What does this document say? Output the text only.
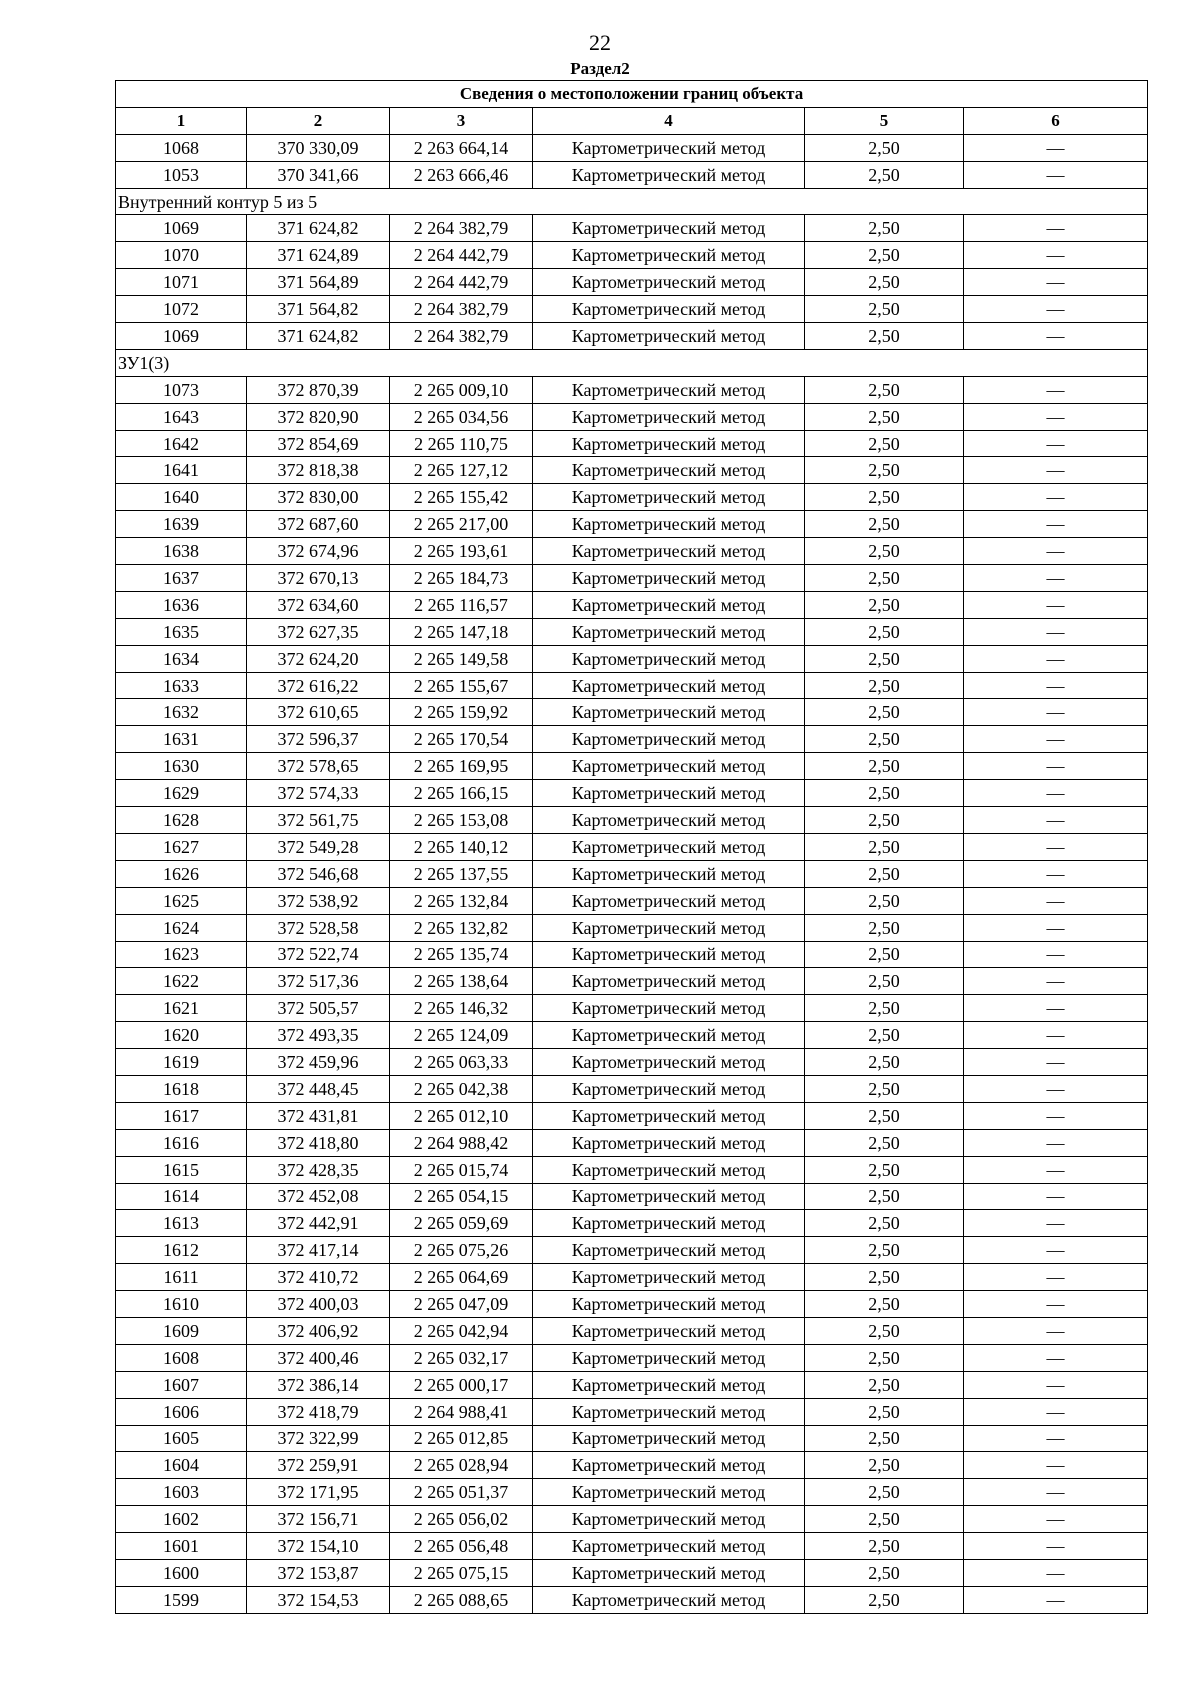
22
Раздел2
Сведения о местоположении границ объекта					
1	2	3	4	5	6
1068	370 330,09	2 263 664,14	Картометрический метод	2,50	—
1053	370 341,66	2 263 666,46	Картометрический метод	2,50	—
Внутренний контур 5 из 5					
1069	371 624,82	2 264 382,79	Картометрический метод	2,50	—
1070	371 624,89	2 264 442,79	Картометрический метод	2,50	—
1071	371 564,89	2 264 442,79	Картометрический метод	2,50	—
1072	371 564,82	2 264 382,79	Картометрический метод	2,50	—
1069	371 624,82	2 264 382,79	Картометрический метод	2,50	—
ЗУ1(3)					
1073	372 870,39	2 265 009,10	Картометрический метод	2,50	—
1643	372 820,90	2 265 034,56	Картометрический метод	2,50	—
1642	372 854,69	2 265 110,75	Картометрический метод	2,50	—
1641	372 818,38	2 265 127,12	Картометрический метод	2,50	—
1640	372 830,00	2 265 155,42	Картометрический метод	2,50	—
1639	372 687,60	2 265 217,00	Картометрический метод	2,50	—
1638	372 674,96	2 265 193,61	Картометрический метод	2,50	—
1637	372 670,13	2 265 184,73	Картометрический метод	2,50	—
1636	372 634,60	2 265 116,57	Картометрический метод	2,50	—
1635	372 627,35	2 265 147,18	Картометрический метод	2,50	—
1634	372 624,20	2 265 149,58	Картометрический метод	2,50	—
1633	372 616,22	2 265 155,67	Картометрический метод	2,50	—
1632	372 610,65	2 265 159,92	Картометрический метод	2,50	—
1631	372 596,37	2 265 170,54	Картометрический метод	2,50	—
1630	372 578,65	2 265 169,95	Картометрический метод	2,50	—
1629	372 574,33	2 265 166,15	Картометрический метод	2,50	—
1628	372 561,75	2 265 153,08	Картометрический метод	2,50	—
1627	372 549,28	2 265 140,12	Картометрический метод	2,50	—
1626	372 546,68	2 265 137,55	Картометрический метод	2,50	—
1625	372 538,92	2 265 132,84	Картометрический метод	2,50	—
1624	372 528,58	2 265 132,82	Картометрический метод	2,50	—
1623	372 522,74	2 265 135,74	Картометрический метод	2,50	—
1622	372 517,36	2 265 138,64	Картометрический метод	2,50	—
1621	372 505,57	2 265 146,32	Картометрический метод	2,50	—
1620	372 493,35	2 265 124,09	Картометрический метод	2,50	—
1619	372 459,96	2 265 063,33	Картометрический метод	2,50	—
1618	372 448,45	2 265 042,38	Картометрический метод	2,50	—
1617	372 431,81	2 265 012,10	Картометрический метод	2,50	—
1616	372 418,80	2 264 988,42	Картометрический метод	2,50	—
1615	372 428,35	2 265 015,74	Картометрический метод	2,50	—
1614	372 452,08	2 265 054,15	Картометрический метод	2,50	—
1613	372 442,91	2 265 059,69	Картометрический метод	2,50	—
1612	372 417,14	2 265 075,26	Картометрический метод	2,50	—
1611	372 410,72	2 265 064,69	Картометрический метод	2,50	—
1610	372 400,03	2 265 047,09	Картометрический метод	2,50	—
1609	372 406,92	2 265 042,94	Картометрический метод	2,50	—
1608	372 400,46	2 265 032,17	Картометрический метод	2,50	—
1607	372 386,14	2 265 000,17	Картометрический метод	2,50	—
1606	372 418,79	2 264 988,41	Картометрический метод	2,50	—
1605	372 322,99	2 265 012,85	Картометрический метод	2,50	—
1604	372 259,91	2 265 028,94	Картометрический метод	2,50	—
1603	372 171,95	2 265 051,37	Картометрический метод	2,50	—
1602	372 156,71	2 265 056,02	Картометрический метод	2,50	—
1601	372 154,10	2 265 056,48	Картометрический метод	2,50	—
1600	372 153,87	2 265 075,15	Картометрический метод	2,50	—
1599	372 154,53	2 265 088,65	Картометрический метод	2,50	—
